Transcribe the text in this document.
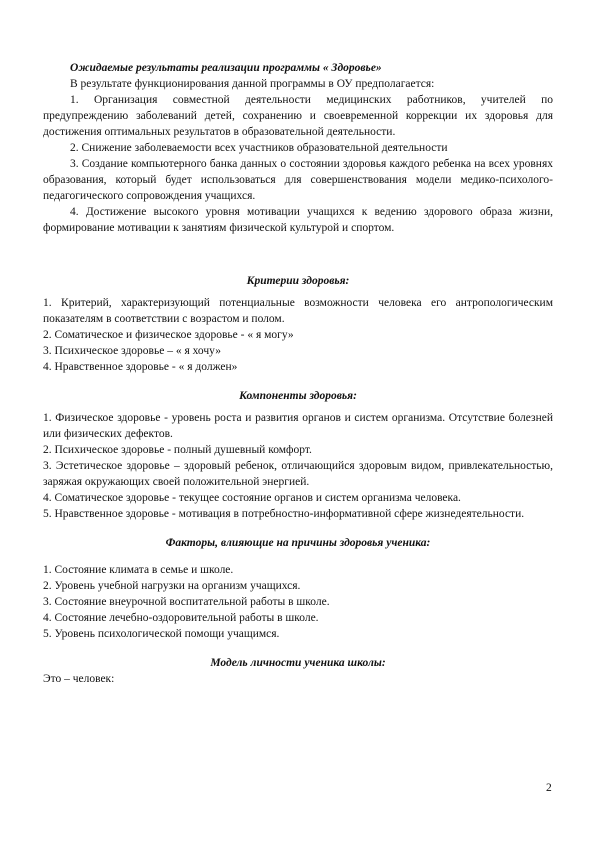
Ожидаемые результаты реализации программы « Здоровье»

В результате функционирования данной программы в ОУ предполагается:

1. Организация совместной деятельности медицинских работников, учителей по предупреждению заболеваний детей, сохранению и своевременной коррекции их здоровья для достижения оптимальных результатов в образовательной деятельности.

2. Снижение заболеваемости всех участников образовательной деятельности

3. Создание компьютерного банка данных о состоянии здоровья каждого ребенка на всех уровнях образования, который будет использоваться для совершенствования модели медико-психолого-педагогического сопровождения учащихся.

4. Достижение высокого уровня мотивации учащихся к ведению здорового образа жизни, формирование мотивации к занятиям физической культурой и спортом.

Критерии здоровья:

1. Критерий, характеризующий потенциальные возможности человека его антропологическим показателям в соответствии с возрастом и полом.

2. Соматическое и физическое здоровье - « я могу»

3. Психическое здоровье – « я хочу»

4. Нравственное здоровье - « я должен»

Компоненты здоровья:

1. Физическое здоровье - уровень роста и развития органов и систем организма. Отсутствие болезней или физических дефектов.

2. Психическое здоровье - полный душевный комфорт.

3. Эстетическое здоровье – здоровый ребенок, отличающийся здоровым видом, привлекательностью, заряжая окружающих своей положительной энергией.

4. Соматическое здоровье - текущее состояние органов и систем организма человека.

5. Нравственное здоровье - мотивация в потребностно-информативной сфере жизнедеятельности.

Факторы, влияющие на причины здоровья ученика:

1. Состояние климата в семье и школе.

2. Уровень учебной нагрузки на организм учащихся.

3. Состояние внеурочной воспитательной работы в школе.

4. Состояние лечебно-оздоровительной работы в школе.

5. Уровень психологической помощи учащимся.

Модель личности ученика школы:

Это – человек:

2
